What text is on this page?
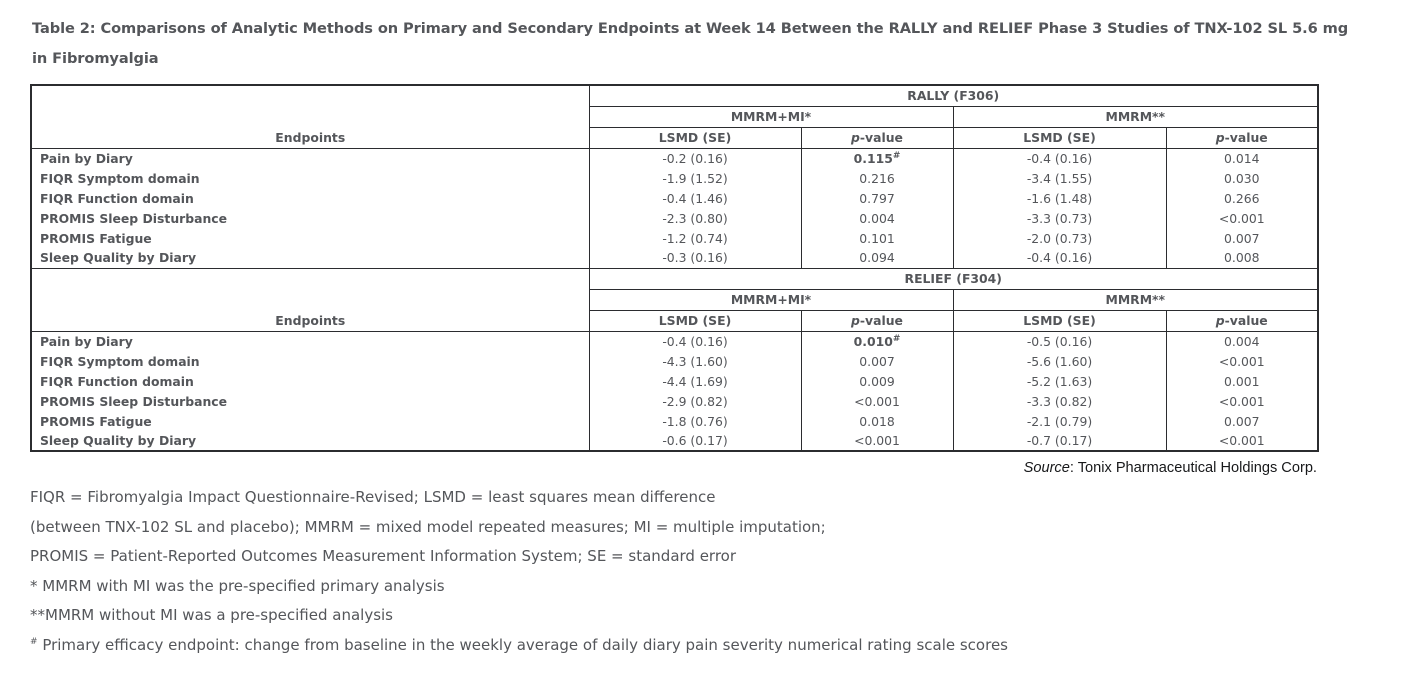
Table 2: Comparisons of Analytic Methods on Primary and Secondary Endpoints at Week 14 Between the RALLY and RELIEF Phase 3 Studies of TNX-102 SL 5.6 mg
in Fibromyalgia
Endpoints	RALLY (F306)			
	MMRM+MI*		MMRM**	
	LSMD (SE)	p-value	LSMD (SE)	p-value
Pain by Diary	-0.2 (0.16)	0.115#	-0.4 (0.16)	0.014
FIQR Symptom domain	-1.9 (1.52)	0.216	-3.4 (1.55)	0.030
FIQR Function domain	-0.4 (1.46)	0.797	-1.6 (1.48)	0.266
PROMIS Sleep Disturbance	-2.3 (0.80)	0.004	-3.3 (0.73)	<0.001
PROMIS Fatigue	-1.2 (0.74)	0.101	-2.0 (0.73)	0.007
Sleep Quality by Diary	-0.3 (0.16)	0.094	-0.4 (0.16)	0.008
Endpoints	RELIEF (F304)			
	MMRM+MI*		MMRM**	
	LSMD (SE)	p-value	LSMD (SE)	p-value
Pain by Diary	-0.4 (0.16)	0.010#	-0.5 (0.16)	0.004
FIQR Symptom domain	-4.3 (1.60)	0.007	-5.6 (1.60)	<0.001
FIQR Function domain	-4.4 (1.69)	0.009	-5.2 (1.63)	0.001
PROMIS Sleep Disturbance	-2.9 (0.82)	<0.001	-3.3 (0.82)	<0.001
PROMIS Fatigue	-1.8 (0.76)	0.018	-2.1 (0.79)	0.007
Sleep Quality by Diary	-0.6 (0.17)	<0.001	-0.7 (0.17)	<0.001
Source: Tonix Pharmaceutical Holdings Corp.

FIQR = Fibromyalgia Impact Questionnaire-Revised; LSMD = least squares mean difference

(between TNX-102 SL and placebo); MMRM = mixed model repeated measures; MI = multiple imputation;

PROMIS = Patient-Reported Outcomes Measurement Information System; SE = standard error

* MMRM with MI was the pre-specified primary analysis

**MMRM without MI was a pre-specified analysis

# Primary efficacy endpoint: change from baseline in the weekly average of daily diary pain severity numerical rating scale scores
